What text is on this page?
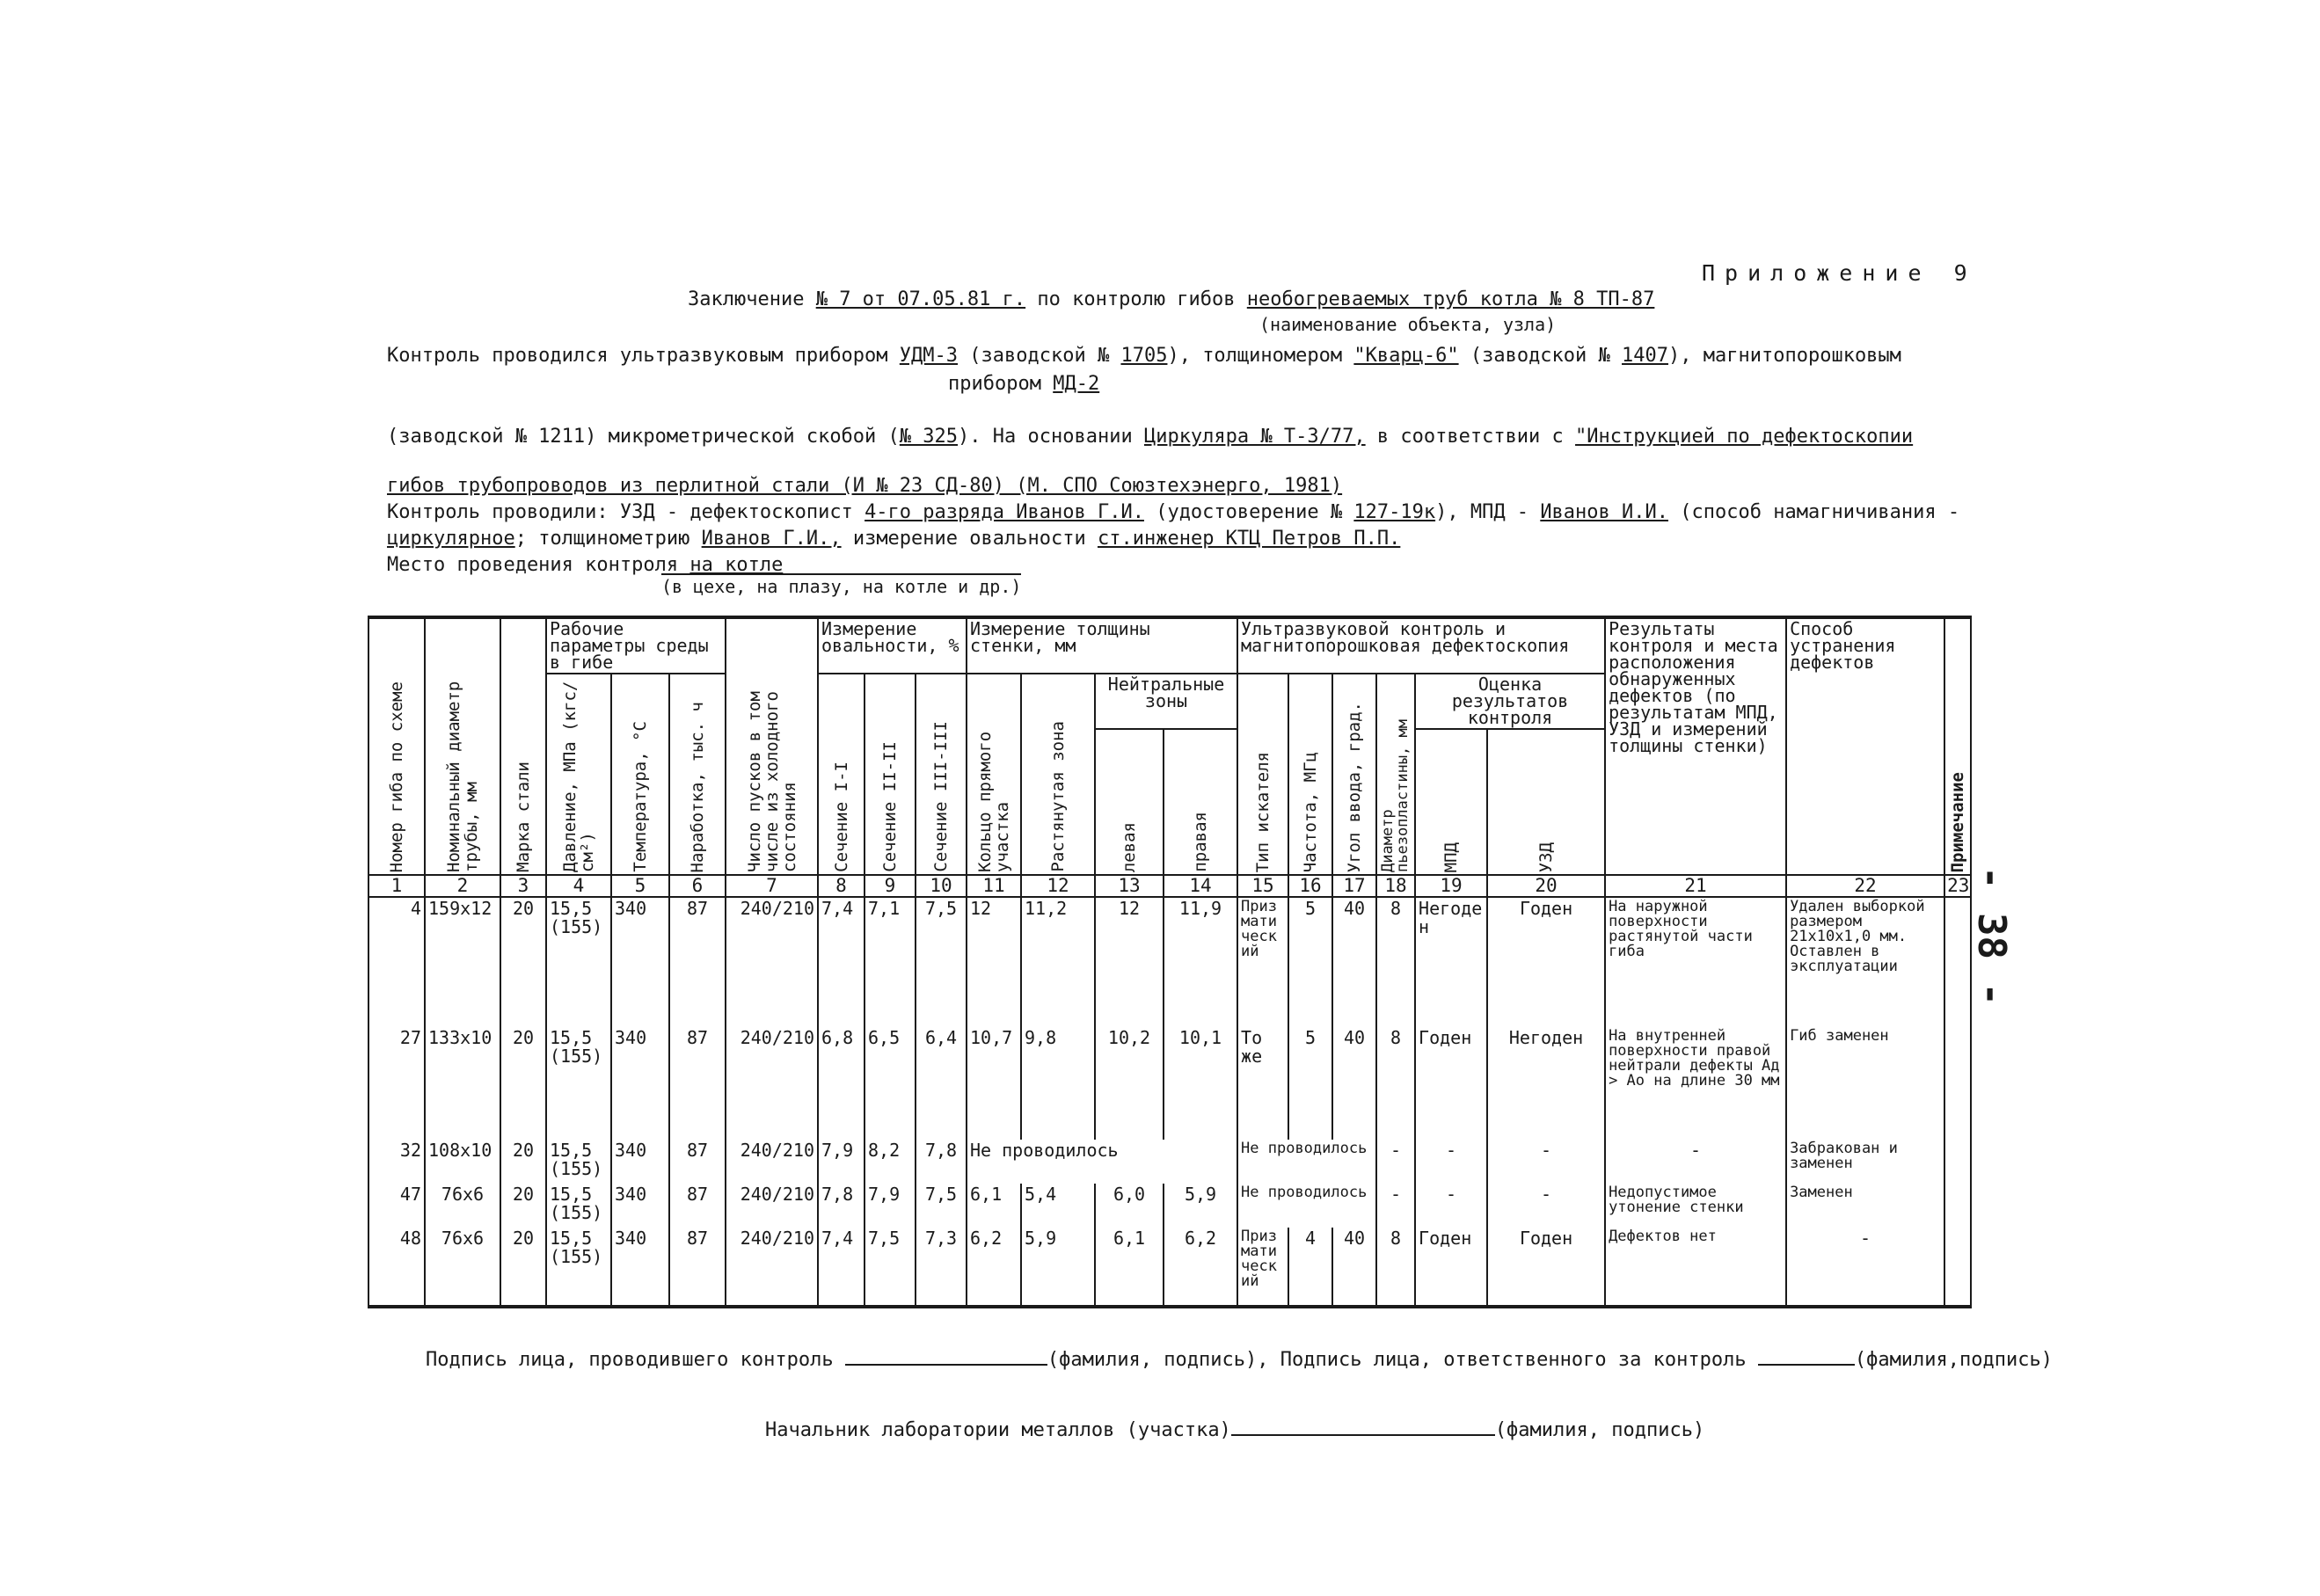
Приложение 9
Заключение № 7 от 07.05.81 г. по контролю гибов необогреваемых труб котла № 8 ТП-87
(наименование объекта, узла)
Контроль проводился ультразвуковым прибором УДМ-3 (заводской № 1705), толщиномером "Кварц-6" (заводской № 1407), магнитопорошковым
прибором МД-2
(заводской № 1211) микрометрической скобой (№ 325). На основании Циркуляра № Т-3/77, в соответствии с "Инструкцией по дефектоскопии
гибов трубопроводов из перлитной стали (И № 23 СД-80) (М. СПО Союзтехэнерго, 1981)
Контроль проводили: УЗД - дефектоскопист 4-го разряда Иванов Г.И. (удостоверение № 127-19к), МПД - Иванов И.И. (способ намагничивания -
циркулярное; толщинометрию Иванов Г.И., измерение овальности ст.инженер КТЦ Петров П.П.
Место проведения контроля на котле
(в цехе, на плазу, на котле и др.)
Номер гиба по схеме	Номинальный диаметр трубы, мм	Марка стали	Рабочие параметры среды в гибе			Число пусков в том числе из холодного состояния	Измерение овальности, %			Измерение толщины стенки, мм				Ультразвуковой контроль и магнитопорошковая дефектоскопия						Результаты контроля и места расположения обнаруженных дефектов (по результатам МПД, УЗД и измерений толщины стенки)	Способ устранения дефектов	Примечание

			Давление, МПа (кгс/см²)	Температура, °С	Наработка, тыс. ч		Сечение I-I	Сечение II-II	Сечение III-III	Кольцо прямого участка	Растянутая зона	Нейтральные зоны		Тип искателя	Частота, МГц	Угол ввода, град.	Диаметр пьезопластины, мм	Оценка результатов контроля				

												левая	правая					МПД	УЗД			

1	2	3	4	5	6	7	8	9	10	11	12	13	14	15	16	17	18	19	20	21	22	23
4	159x12	20	15,5 (155)	340	87	240/210	7,4	7,1	7,5	12	11,2	12	11,9	Призматический	5	40	8	Негоден	Годен	На наружной поверхности растянутой части гиба	Удален выборкой размером 21х10х1,0 мм. Оставлен в эксплуатации	
27	133x10	20	15,5 (155)	340	87	240/210	6,8	6,5	6,4	10,7	9,8	10,2	10,1	То же	5	40	8	Годен	Негоден	На внутренней поверхности правой нейтрали дефекты Ад > Ао на длине 30 мм	Гиб заменен	
32	108x10	20	15,5 (155)	340	87	240/210	7,9	8,2	7,8	Не проводилось				Не проводилось			-	-	-	-	Забракован и заменен	
47	76x6	20	15,5 (155)	340	87	240/210	7,8	7,9	7,5	6,1	5,4	6,0	5,9	Не проводилось			-	-	-	Недопустимое утонение стенки	Заменен	
48	76x6	20	15,5 (155)	340	87	240/210	7,4	7,5	7,3	6,2	5,9	6,1	6,2	Призматический	4	40	8	Годен	Годен	Дефектов нет	-	
- 38 -
Подпись лица, проводившего контроль	(фамилия, подпись), Подпись лица, ответственного за контроль	(фамилия,подпись)
Начальник лаборатории металлов (участка)	(фамилия, подпись)
